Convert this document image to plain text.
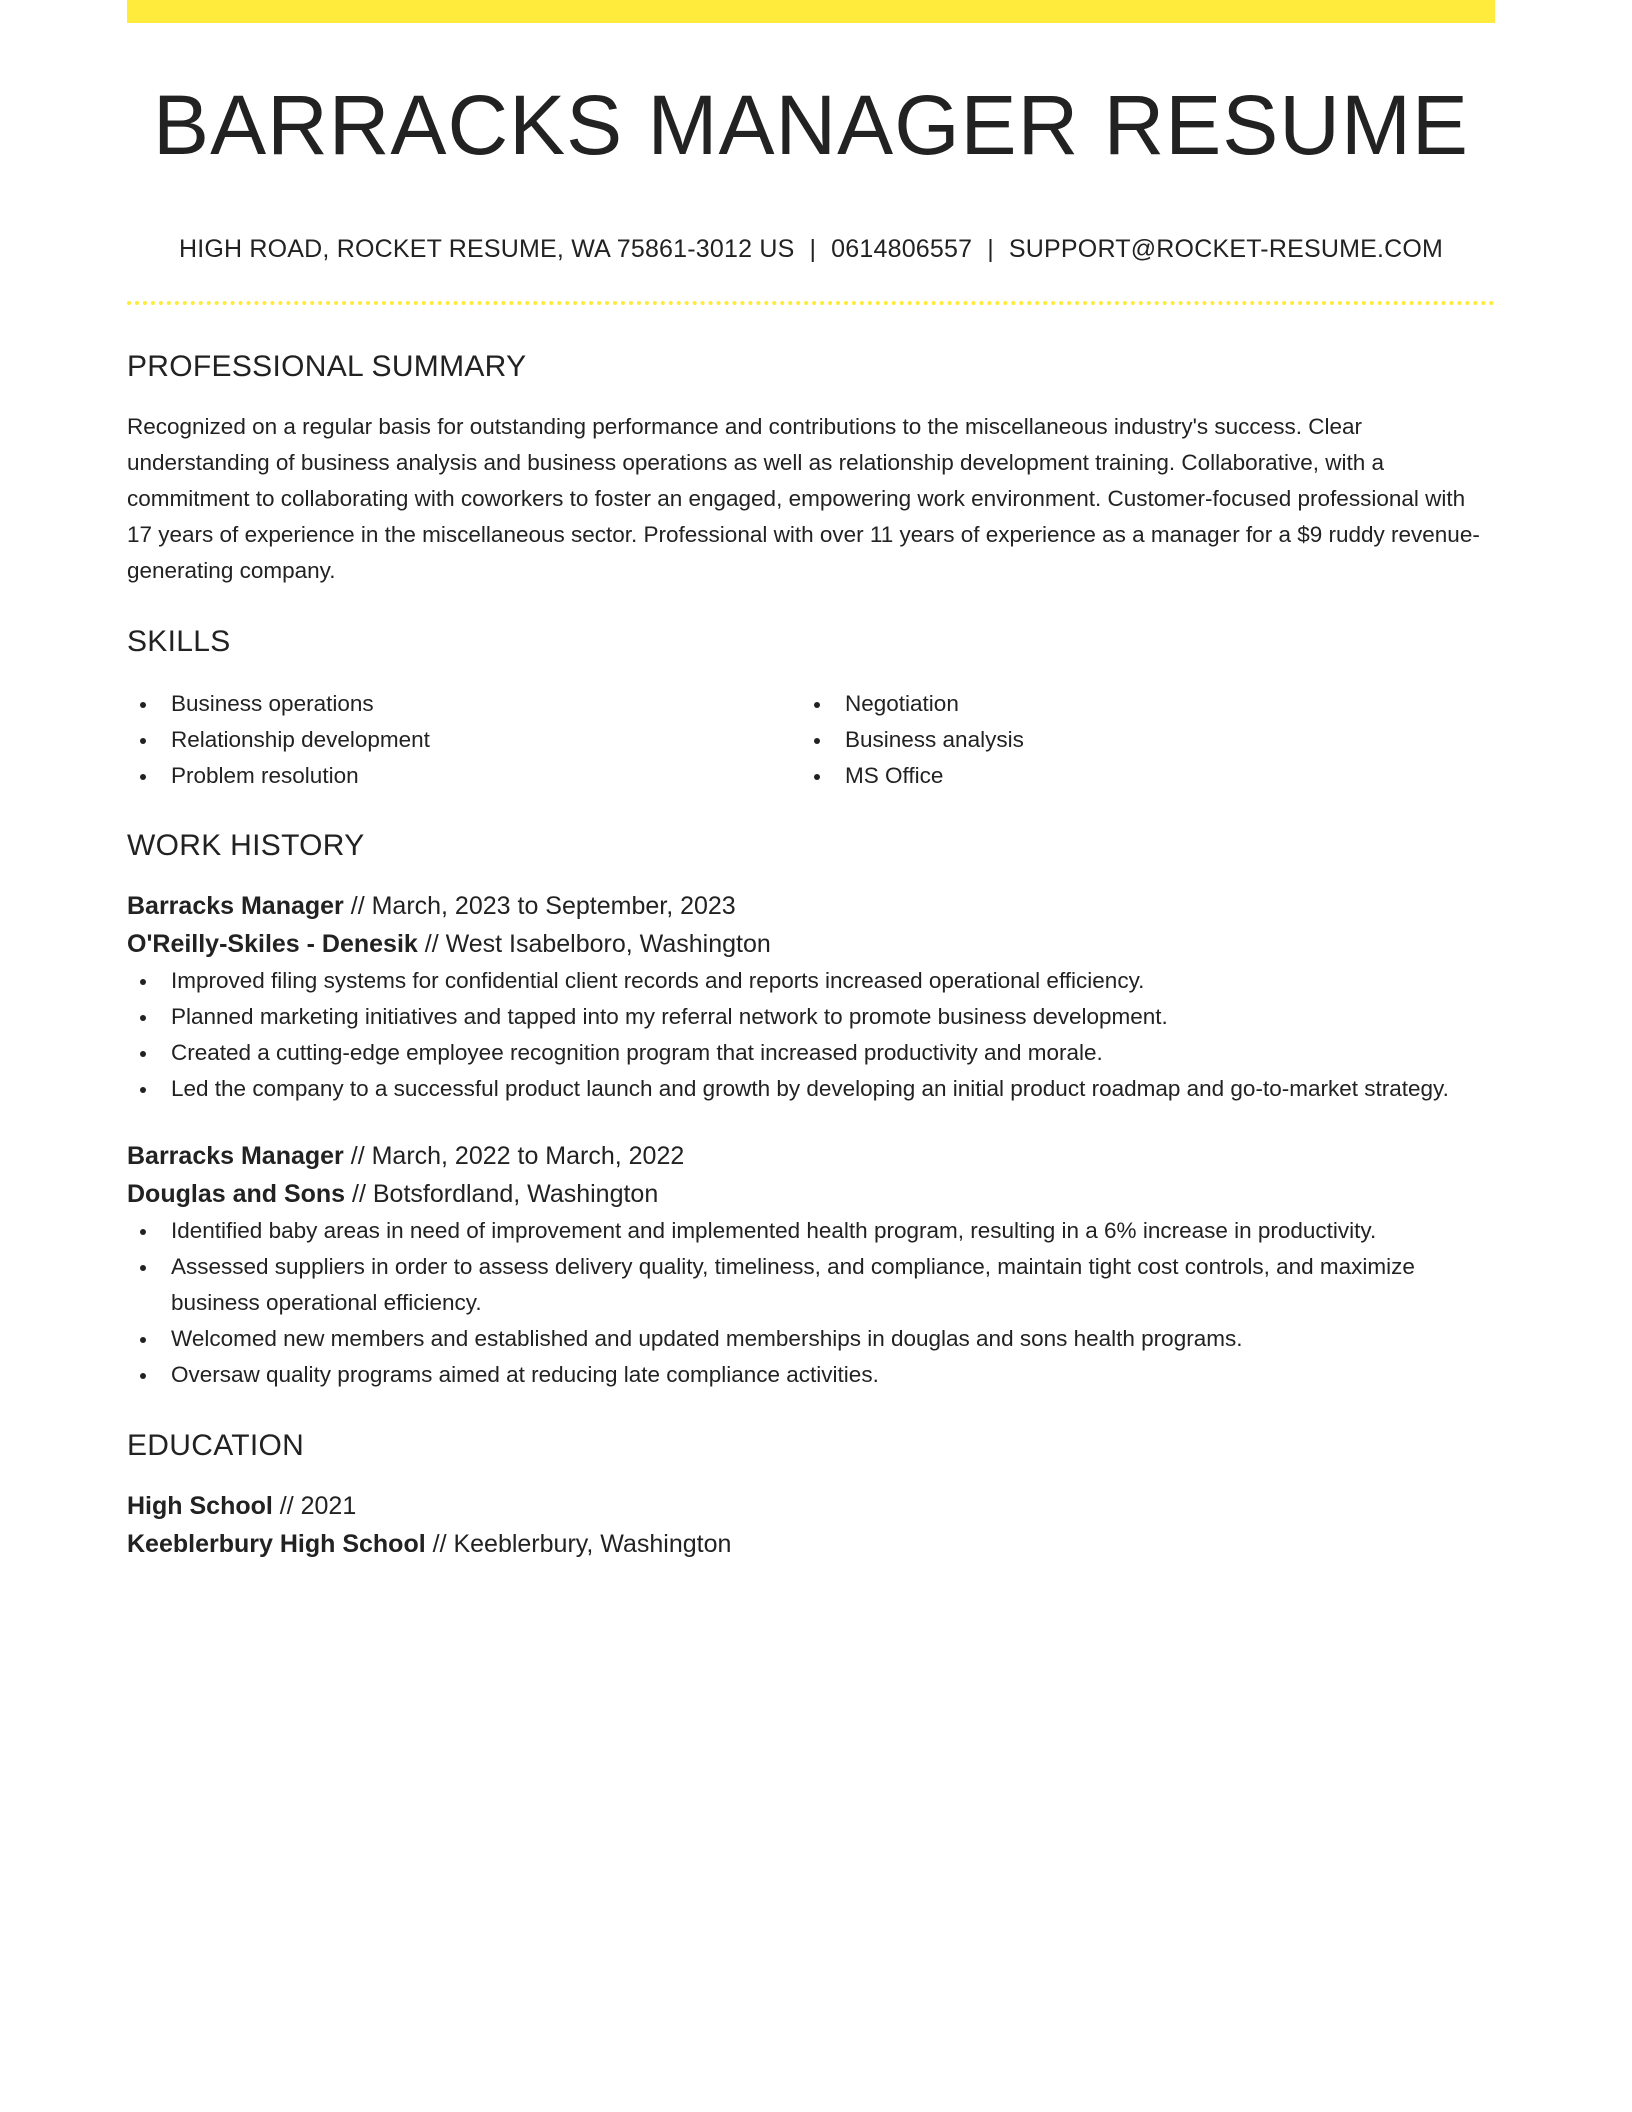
BARRACKS MANAGER RESUME
HIGH ROAD, ROCKET RESUME, WA 75861-3012 US | 0614806557 | SUPPORT@ROCKET-RESUME.COM
PROFESSIONAL SUMMARY

Recognized on a regular basis for outstanding performance and contributions to the miscellaneous industry's success. Clear understanding of business analysis and business operations as well as relationship development training. Collaborative, with a commitment to collaborating with coworkers to foster an engaged, empowering work environment. Customer-focused professional with 17 years of experience in the miscellaneous sector. Professional with over 11 years of experience as a manager for a $9 ruddy revenue-generating company.

SKILLS
Business operations
Relationship development
Problem resolution
Negotiation
Business analysis
MS Office
WORK HISTORY
Barracks Manager // March, 2023 to September, 2023
O'Reilly-Skiles - Denesik // West Isabelboro, Washington
Improved filing systems for confidential client records and reports increased operational efficiency.
Planned marketing initiatives and tapped into my referral network to promote business development.
Created a cutting-edge employee recognition program that increased productivity and morale.
Led the company to a successful product launch and growth by developing an initial product roadmap and go-to-market strategy.
Barracks Manager // March, 2022 to March, 2022
Douglas and Sons // Botsfordland, Washington
Identified baby areas in need of improvement and implemented health program, resulting in a 6% increase in productivity.
Assessed suppliers in order to assess delivery quality, timeliness, and compliance, maintain tight cost controls, and maximize business operational efficiency.
Welcomed new members and established and updated memberships in douglas and sons health programs.
Oversaw quality programs aimed at reducing late compliance activities.
EDUCATION
High School // 2021
Keeblerbury High School // Keeblerbury, Washington
